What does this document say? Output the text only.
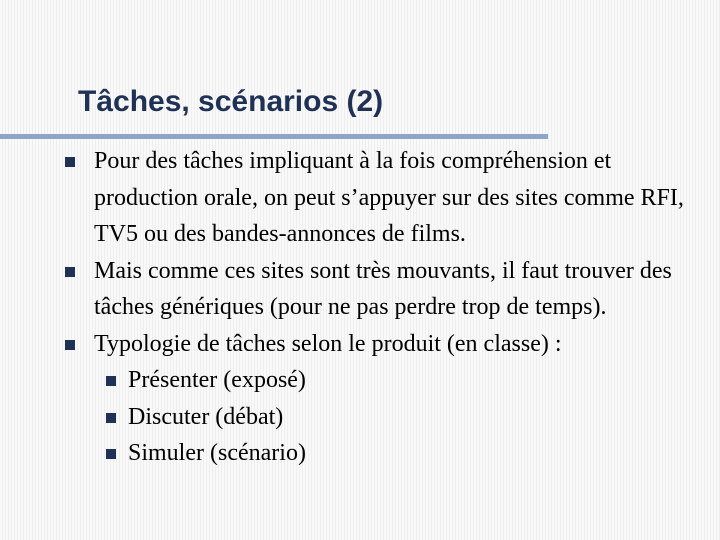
Tâches, scénarios (2)
Pour des tâches impliquant à la fois compréhension et production orale, on peut s’appuyer sur des sites comme RFI, TV5 ou des bandes-annonces de films.
Mais comme ces sites sont très mouvants, il faut trouver des tâches génériques (pour ne pas perdre trop de temps).
Typologie de tâches selon le produit (en classe) :
Présenter (exposé)
Discuter (débat)
Simuler (scénario)
